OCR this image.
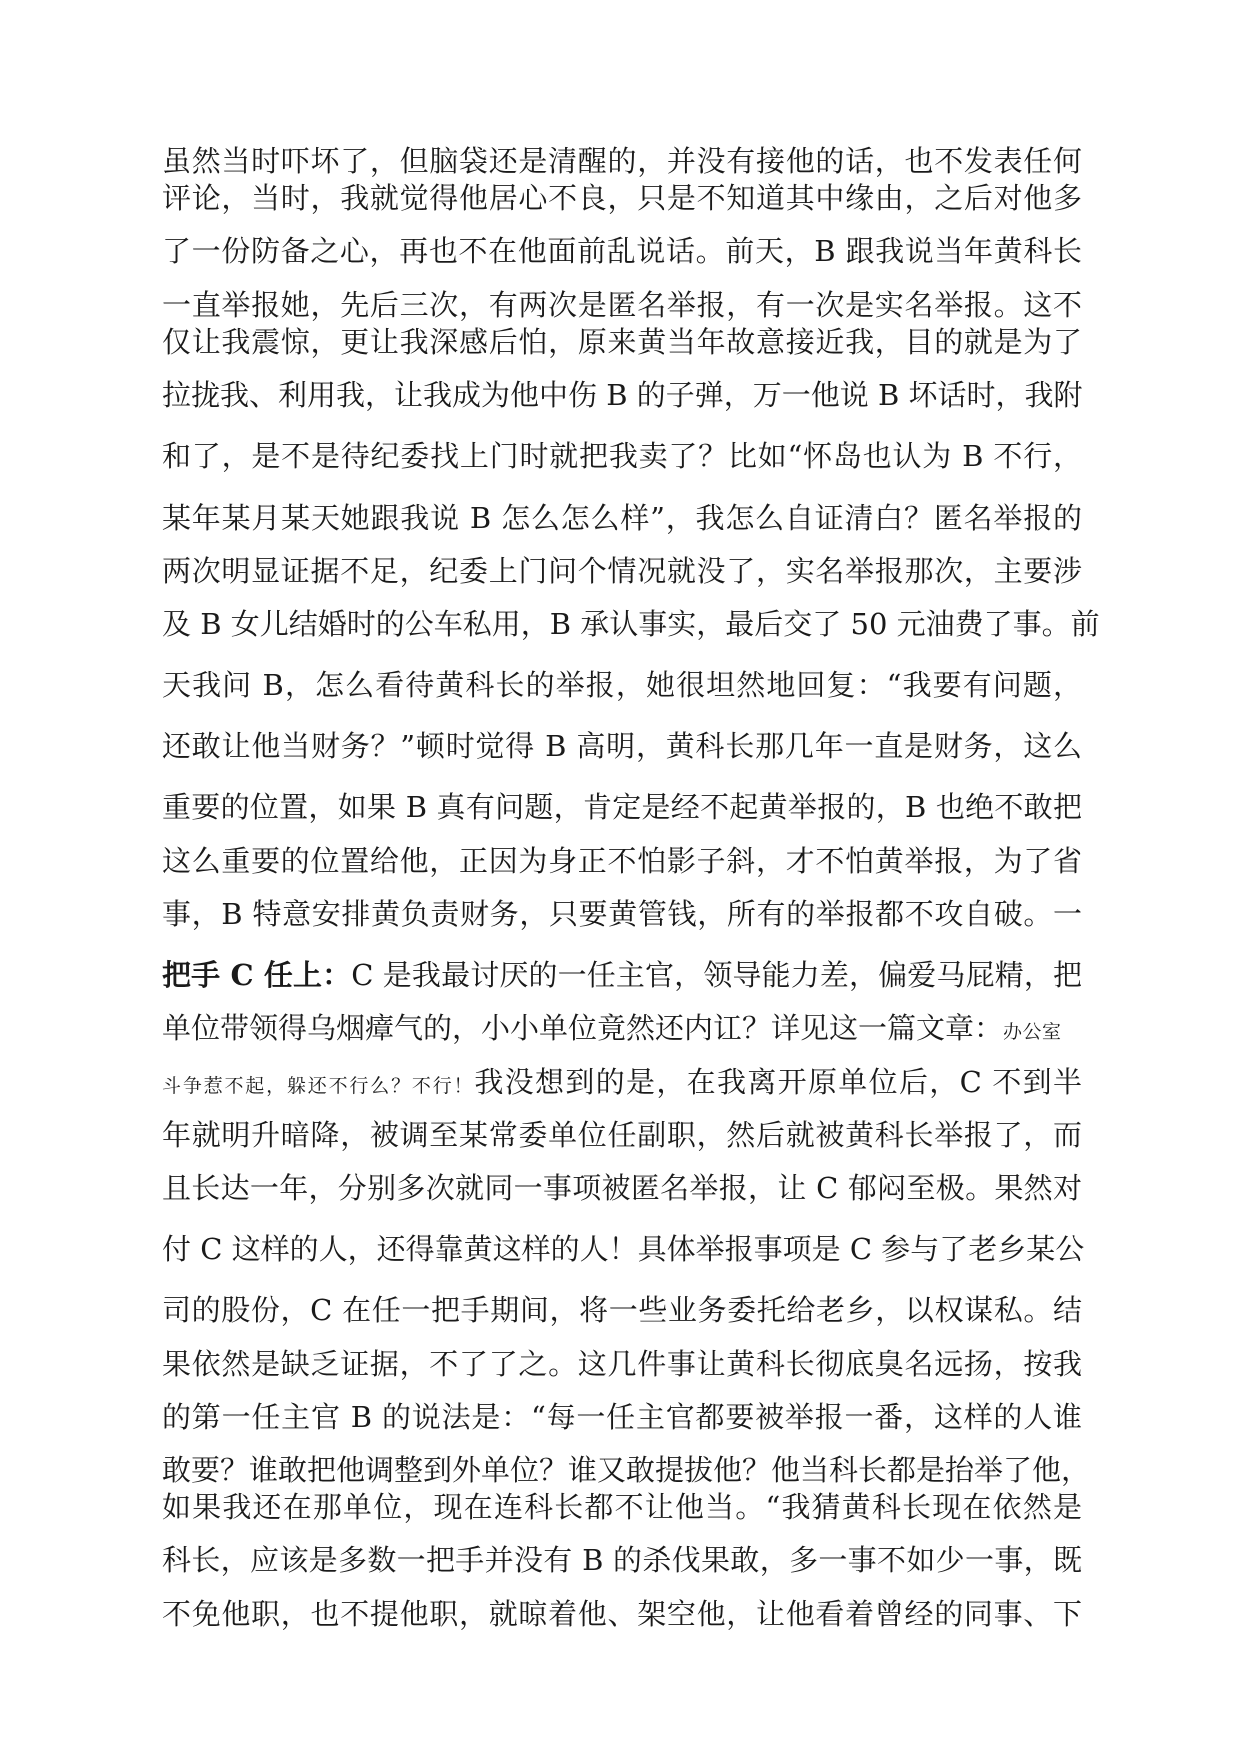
虽然当时吓坏了，但脑袋还是清醒的，并没有接他的话，也不发表任何
评论，当时，我就觉得他居心不良，只是不知道其中缘由，之后对他多
了一份防备之心，再也不在他面前乱说话。前天，B 跟我说当年黄科长
一直举报她，先后三次，有两次是匿名举报，有一次是实名举报。这不
仅让我震惊，更让我深感后怕，原来黄当年故意接近我，目的就是为了
拉拢我、利用我，让我成为他中伤 B 的子弹，万一他说 B 坏话时，我附
和了，是不是待纪委找上门时就把我卖了？比如“怀岛也认为 B 不行，
某年某月某天她跟我说 B 怎么怎么样”，我怎么自证清白？匿名举报的
两次明显证据不足，纪委上门问个情况就没了，实名举报那次，主要涉
及 B 女儿结婚时的公车私用，B 承认事实，最后交了 50 元油费了事。前
天我问 B，怎么看待黄科长的举报，她很坦然地回复：“我要有问题，
还敢让他当财务？”顿时觉得 B 高明，黄科长那几年一直是财务，这么
重要的位置，如果 B 真有问题，肯定是经不起黄举报的，B 也绝不敢把
这么重要的位置给他，正因为身正不怕影子斜，才不怕黄举报，为了省
事，B 特意安排黄负责财务，只要黄管钱，所有的举报都不攻自破。一
把手 C 任上：C 是我最讨厌的一任主官，领导能力差，偏爱马屁精，把
单位带领得乌烟瘴气的，小小单位竟然还内讧？详见这一篇文章：办公室
斗争惹不起，躲还不行么？不行！我没想到的是，在我离开原单位后，C 不到半
年就明升暗降，被调至某常委单位任副职，然后就被黄科长举报了，而
且长达一年，分别多次就同一事项被匿名举报，让 C 郁闷至极。果然对
付 C 这样的人，还得靠黄这样的人！具体举报事项是 C 参与了老乡某公
司的股份，C 在任一把手期间，将一些业务委托给老乡，以权谋私。结
果依然是缺乏证据，不了了之。这几件事让黄科长彻底臭名远扬，按我
的第一任主官 B 的说法是：“每一任主官都要被举报一番，这样的人谁
敢要？谁敢把他调整到外单位？谁又敢提拔他？他当科长都是抬举了他，
如果我还在那单位，现在连科长都不让他当。“我猜黄科长现在依然是
科长，应该是多数一把手并没有 B 的杀伐果敢，多一事不如少一事，既
不免他职，也不提他职，就晾着他、架空他，让他看着曾经的同事、下
